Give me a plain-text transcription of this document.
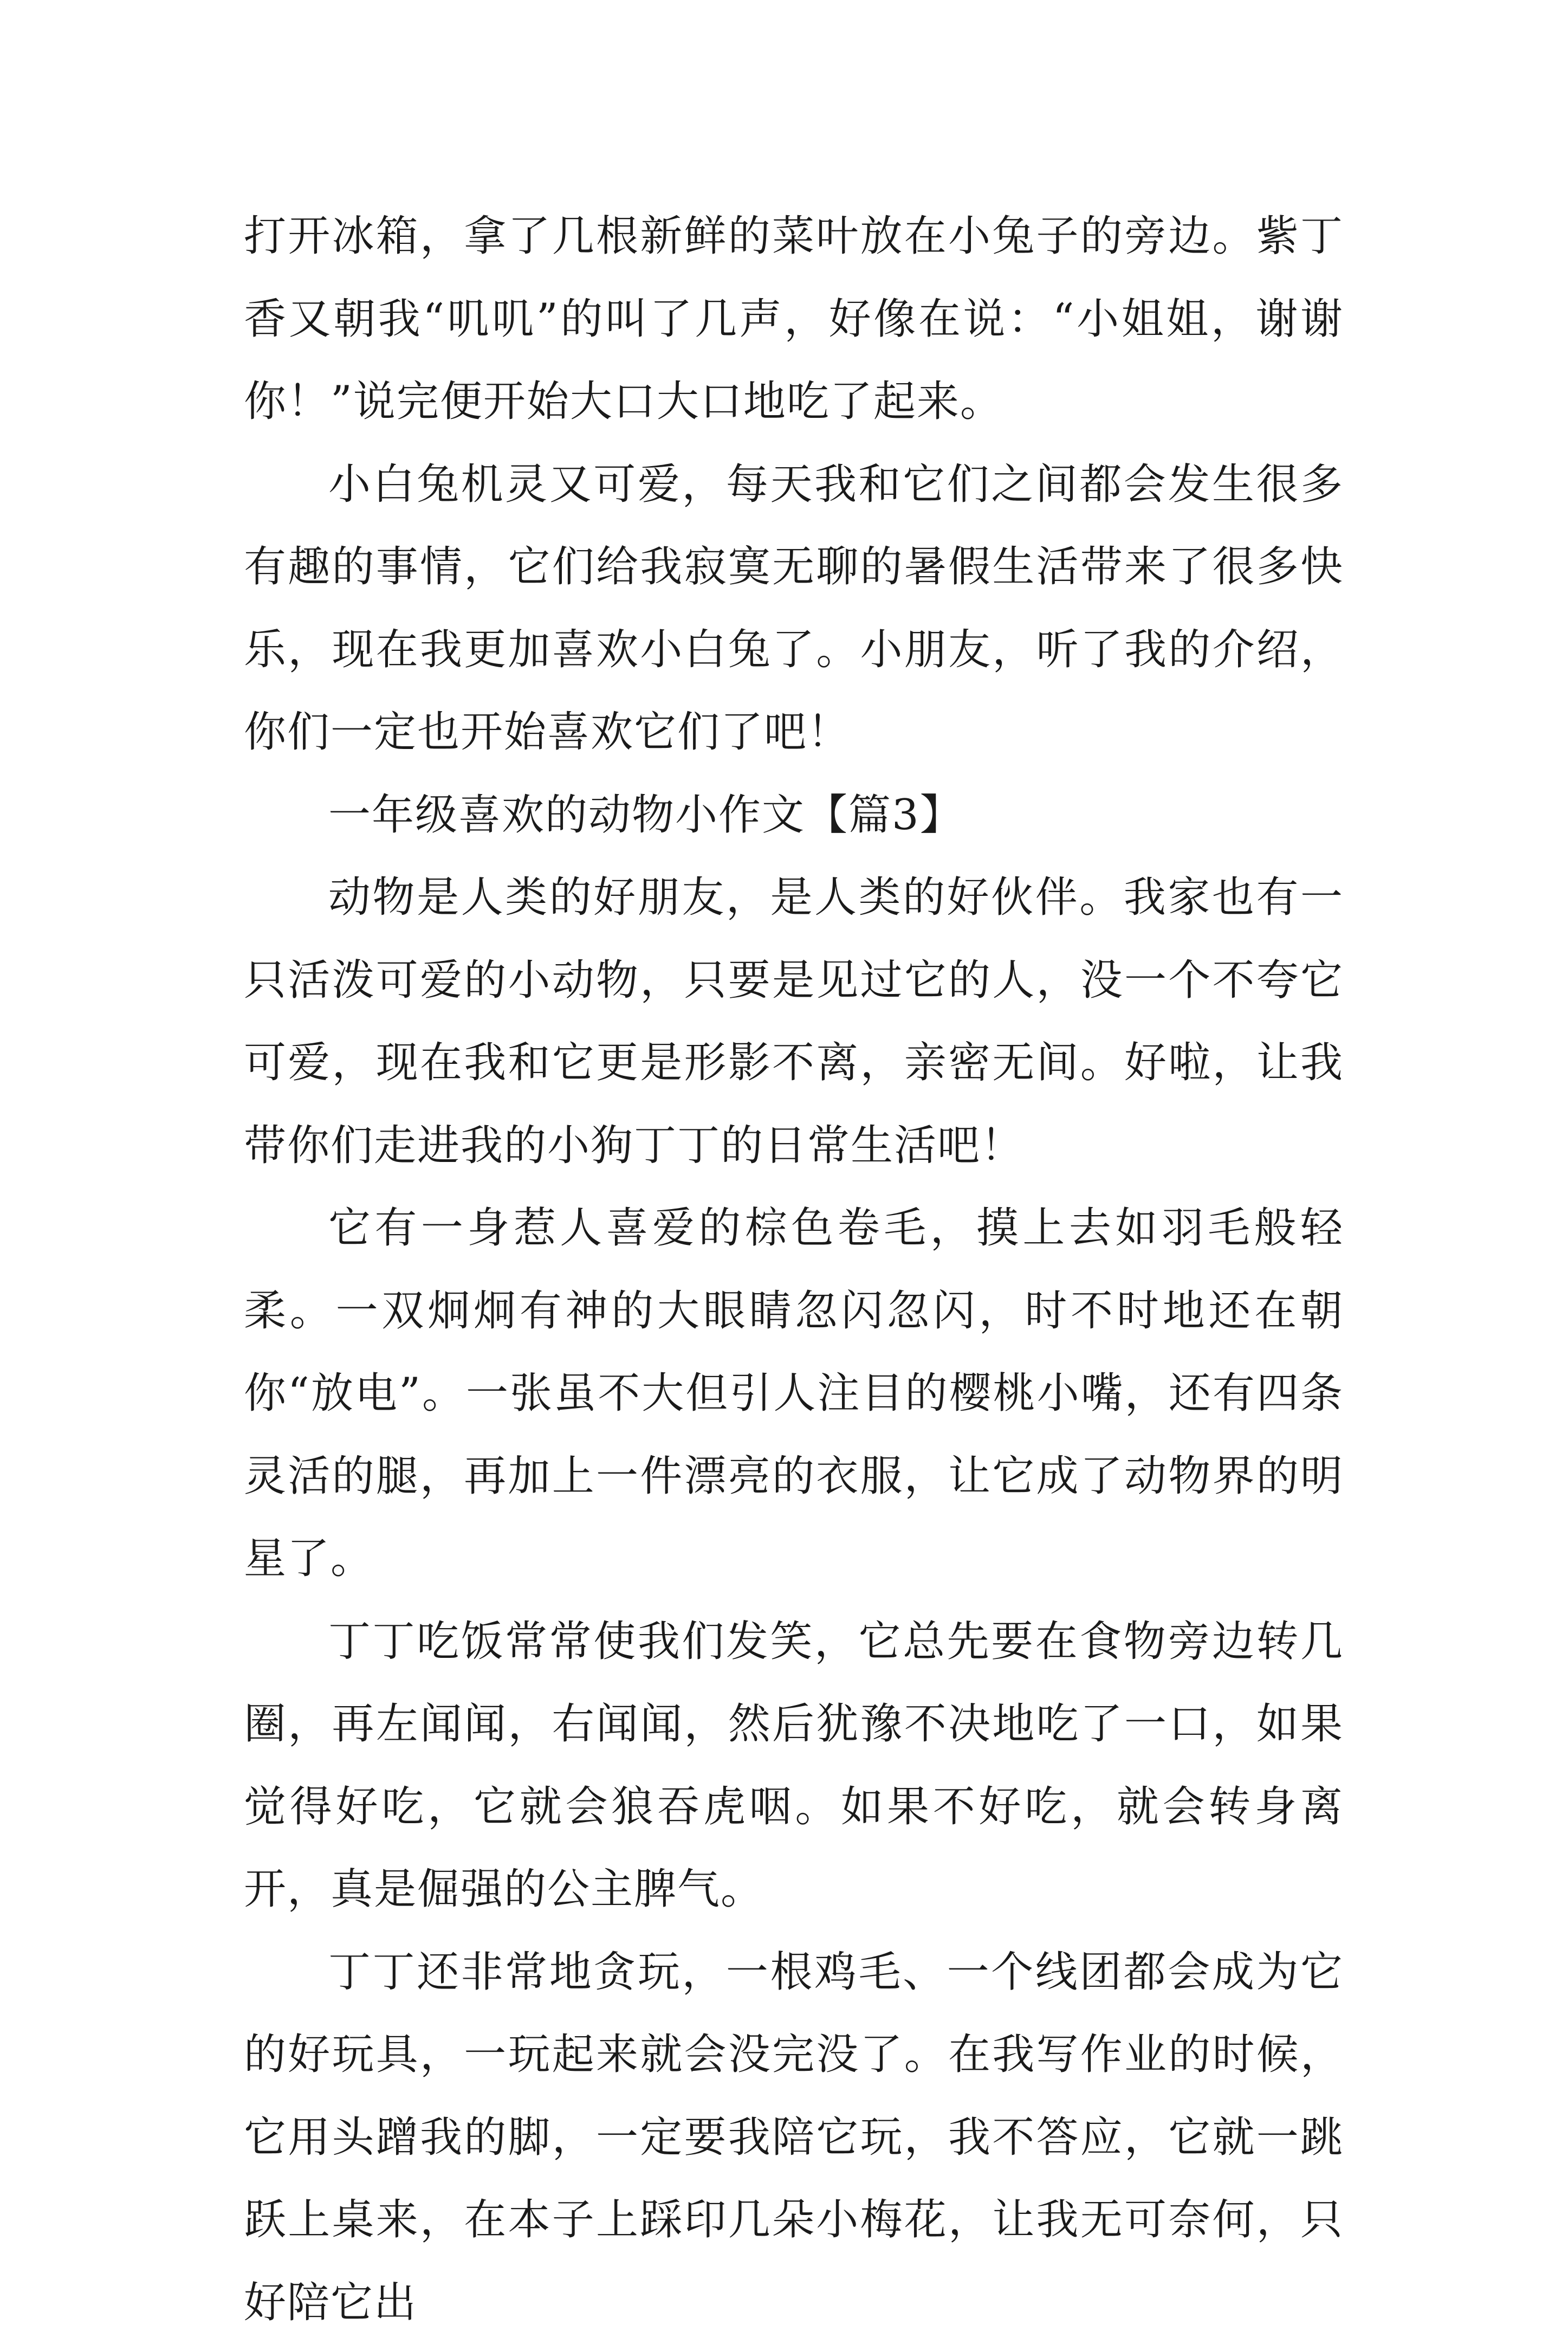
打开冰箱，拿了几根新鲜的菜叶放在小兔子的旁边。紫丁香又朝我“叽叽”的叫了几声，好像在说：“小姐姐，谢谢你！”说完便开始大口大口地吃了起来。

小白兔机灵又可爱，每天我和它们之间都会发生很多有趣的事情，它们给我寂寞无聊的暑假生活带来了很多快乐，现在我更加喜欢小白兔了。小朋友，听了我的介绍，你们一定也开始喜欢它们了吧！

一年级喜欢的动物小作文【篇3】

动物是人类的好朋友，是人类的好伙伴。我家也有一只活泼可爱的小动物，只要是见过它的人，没一个不夸它可爱，现在我和它更是形影不离，亲密无间。好啦，让我带你们走进我的小狗丁丁的日常生活吧！

它有一身惹人喜爱的棕色卷毛，摸上去如羽毛般轻柔。一双炯炯有神的大眼睛忽闪忽闪，时不时地还在朝你“放电”。一张虽不大但引人注目的樱桃小嘴，还有四条灵活的腿，再加上一件漂亮的衣服，让它成了动物界的明星了。

丁丁吃饭常常使我们发笑，它总先要在食物旁边转几圈，再左闻闻，右闻闻，然后犹豫不决地吃了一口，如果觉得好吃，它就会狼吞虎咽。如果不好吃，就会转身离开，真是倔强的公主脾气。

丁丁还非常地贪玩，一根鸡毛、一个线团都会成为它的好玩具，一玩起来就会没完没了。在我写作业的时候，它用头蹭我的脚，一定要我陪它玩，我不答应，它就一跳跃上桌来，在本子上踩印几朵小梅花，让我无可奈何，只好陪它出
